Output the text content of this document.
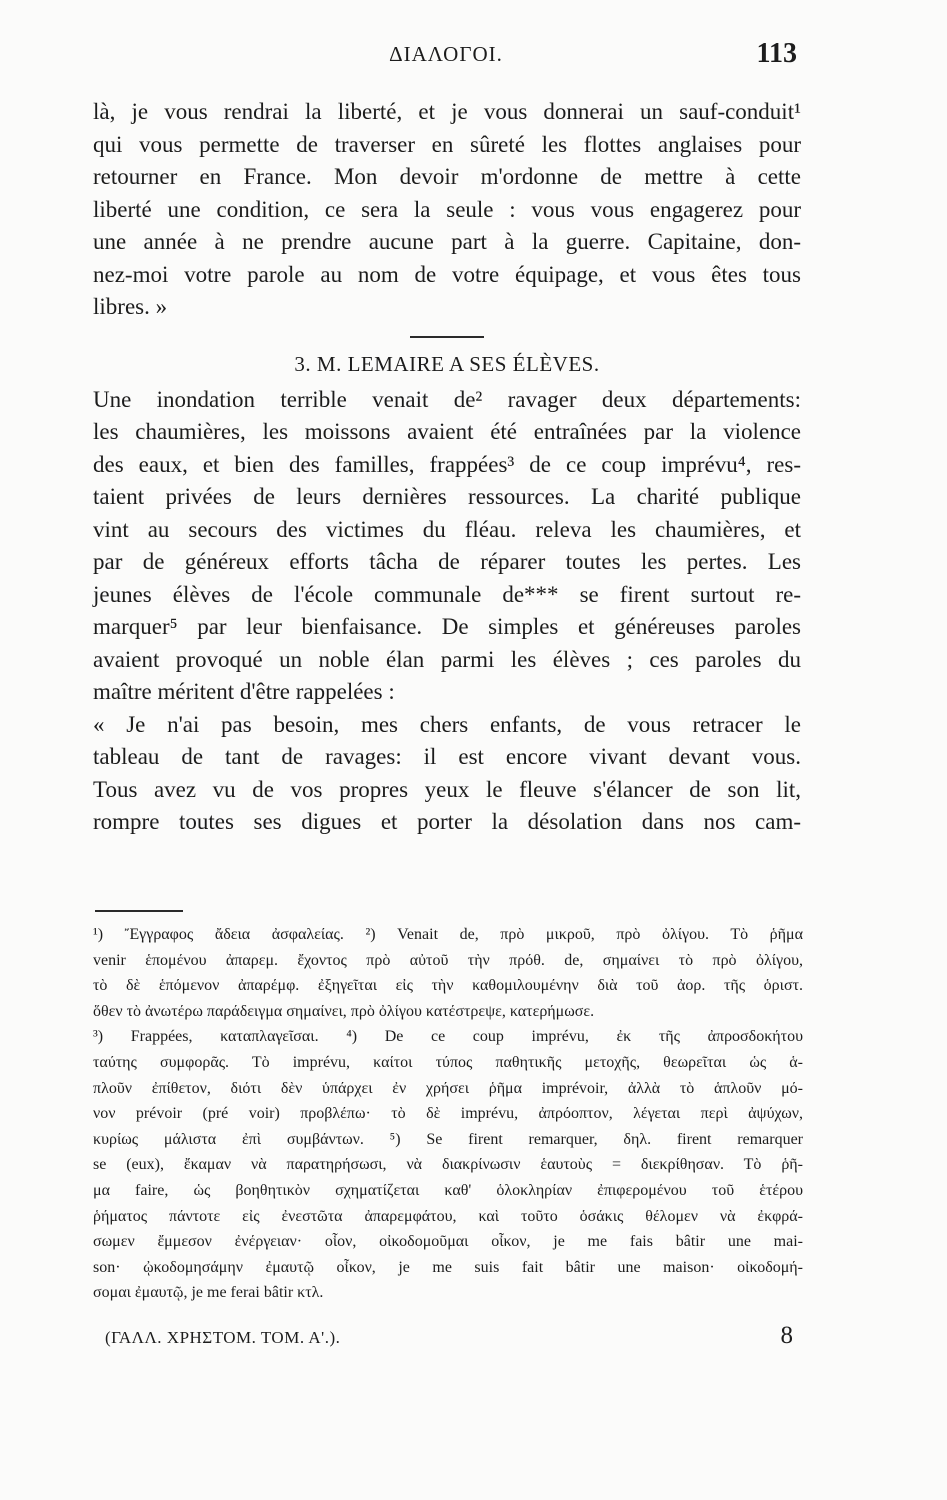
ΔΙΑΛΟΓΟΙ.	113
là, je vous rendrai la liberté, et je vous donnerai un sauf-conduit¹
qui vous permette de traverser en sûreté les flottes anglaises pour
retourner en France. Mon devoir m'ordonne de mettre à cette
liberté une condition, ce sera la seule : vous vous engagerez pour
une année à ne prendre aucune part à la guerre. Capitaine, don-
nez-moi votre parole au nom de votre équipage, et vous êtes tous
libres. »
3. M. LEMAIRE A SES ÉLÈVES.
Une inondation terrible venait de² ravager deux départements:
les chaumières, les moissons avaient été entraînées par la violence
des eaux, et bien des familles, frappées³ de ce coup imprévu⁴, res-
taient privées de leurs dernières ressources. La charité publique
vint au secours des victimes du fléau. releva les chaumières, et
par de généreux efforts tâcha de réparer toutes les pertes. Les
jeunes élèves de l'école communale de*** se firent surtout re-
marquer⁵ par leur bienfaisance. De simples et généreuses paroles
avaient provoqué un noble élan parmi les élèves ; ces paroles du
maître méritent d'être rappelées :
« Je n'ai pas besoin, mes chers enfants, de vous retracer le
tableau de tant de ravages: il est encore vivant devant vous.
Tous avez vu de vos propres yeux le fleuve s'élancer de son lit,
rompre toutes ses digues et porter la désolation dans nos cam-
¹) Ἔγγραφος ἄδεια ἀσφαλείας. ²) Venait de, πρὸ μικροῦ, πρὸ ὀλίγου. Τὸ ῥῆμα
venir ἑπομένου ἀπαρεμ. ἔχοντος πρὸ αὐτοῦ τὴν πρόθ. de, σημαίνει τὸ πρὸ ὀλίγου,
τὸ δὲ ἑπόμενον ἀπαρέμφ. ἐξηγεῖται εἰς τὴν καθομιλουμένην διὰ τοῦ ἀορ. τῆς ὁριστ.
ὅθεν τὸ ἀνωτέρω παράδειγμα σημαίνει, πρὸ ὀλίγου κατέστρεψε, κατερήμωσε.
³) Frappées, καταπλαγεῖσαι. ⁴) De ce coup imprévu, ἐκ τῆς ἀπροσδοκήτου
ταύτης συμφορᾶς. Τὸ imprévu, καίτοι τύπος παθητικῆς μετοχῆς, θεωρεῖται ὡς ἁ-
πλοῦν ἐπίθετον, διότι δὲν ὑπάρχει ἐν χρήσει ῥῆμα imprévoir, ἀλλὰ τὸ ἁπλοῦν μό-
νον prévoir (pré voir) προβλέπω· τὸ δὲ imprévu, ἀπρόοπτον, λέγεται περὶ ἀψύχων,
κυρίως μάλιστα ἐπὶ συμβάντων. ⁵) Se firent remarquer, δηλ. firent remarquer
se (eux), ἔκαμαν νὰ παρατηρήσωσι, νὰ διακρίνωσιν ἑαυτοὺς = διεκρίθησαν. Τὸ ῥῆ-
μα faire, ὡς βοηθητικὸν σχηματίζεται καθ' ὁλοκληρίαν ἐπιφερομένου τοῦ ἑτέρου
ῥήματος πάντοτε εἰς ἐνεστῶτα ἀπαρεμφάτου, καὶ τοῦτο ὁσάκις θέλομεν νὰ ἐκφρά-
σωμεν ἔμμεσον ἐνέργειαν· οἷον, οἰκοδομοῦμαι οἶκον, je me fais bâtir une mai-
son· ᾠκοδομησάμην ἐμαυτῷ οἶκον, je me suis fait bâtir une maison· οἰκοδομή-
σομαι ἐμαυτῷ, je me ferai bâtir κτλ.
(ΓΑΛΛ. ΧΡΗΣΤΟΜ. ΤΟΜ. Α'.).	8
